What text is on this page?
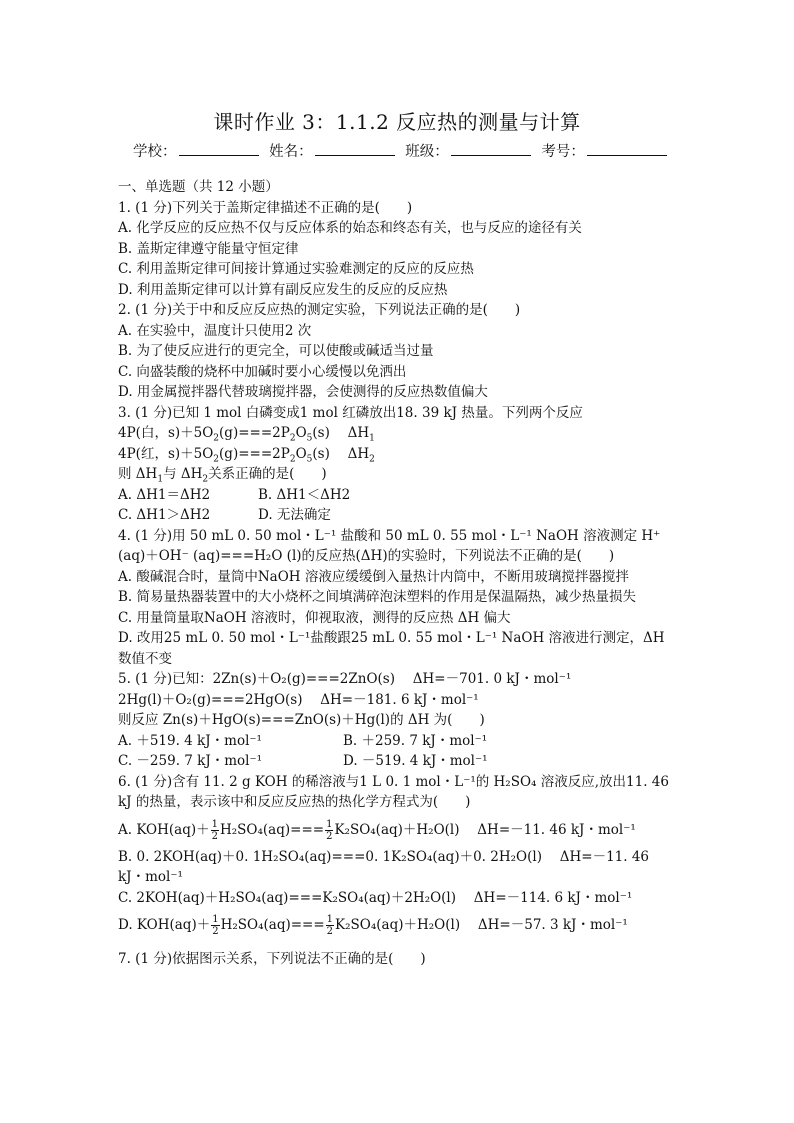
课时作业 3：1.1.2 反应热的测量与计算
学校：	姓名：	班级：	考号：
一、单选题（共 12 小题）
1. (1 分)下列关于盖斯定律描述不正确的是(　　)
A. 化学反应的反应热不仅与反应体系的始态和终态有关，也与反应的途径有关
B. 盖斯定律遵守能量守恒定律
C. 利用盖斯定律可间接计算通过实验难测定的反应的反应热
D. 利用盖斯定律可以计算有副反应发生的反应的反应热
2. (1 分)关于中和反应反应热的测定实验，下列说法正确的是(　　)
A. 在实验中，温度计只使用2 次
B. 为了使反应进行的更完全，可以使酸或碱适当过量
C. 向盛装酸的烧杯中加碱时要小心缓慢以免洒出
D. 用金属搅拌器代替玻璃搅拌器，会使测得的反应热数值偏大
3. (1 分)已知 1 mol 白磷变成1 mol 红磷放出18. 39 kJ 热量。下列两个反应
4P(白，$s)+5O_2(g)===2P_2O_5(s)$　 $\Delta H_1$
4P(红，$s)+5O_2(g)===2P_2O_5(s)$　 $\Delta H_2$
则 $\Delta H_1$与 $\Delta H_2$关系正确的是(　　)
A. ΔH1＝ΔH2	B. ΔH1＜ΔH2
C. ΔH1＞ΔH2	D. 无法确定
4. (1 分)用 50 mL 0. 50 mol・L⁻¹ 盐酸和 50 mL 0. 55 mol・L⁻¹ NaOH 溶液测定 H⁺ (aq)＋OH⁻ (aq)===H₂O (l)的反应热(ΔH)的实验时，下列说法不正确的是(　　)
A. 酸碱混合时，量筒中NaOH 溶液应缓缓倒入量热计内筒中，不断用玻璃搅拌器搅拌
B. 简易量热器装置中的大小烧杯之间填满碎泡沫塑料的作用是保温隔热，减少热量损失
C. 用量筒量取NaOH 溶液时，仰视取液，测得的反应热 ΔH 偏大
D. 改用25 mL 0. 50 mol・L⁻¹盐酸跟25 mL 0. 55 mol・L⁻¹ NaOH 溶液进行测定，ΔH 数值不变
5. (1 分)已知：2Zn(s)＋O₂(g)===2ZnO(s)　 ΔH=－701. 0 kJ・mol⁻¹
2Hg(l)＋O₂(g)===2HgO(s)　 ΔH=－181. 6 kJ・mol⁻¹
则反应 Zn(s)＋HgO(s)===ZnO(s)＋Hg(l)的 ΔH 为(　　)
A. ＋519. 4 kJ・mol⁻¹	B. ＋259. 7 kJ・mol⁻¹
C. －259. 7 kJ・mol⁻¹	D. －519. 4 kJ・mol⁻¹
6. (1 分)含有 11. 2 g KOH 的稀溶液与1 L 0. 1 mol・L⁻¹的 H₂SO₄ 溶液反应,放出11. 46 kJ 的热量，表示该中和反应反应热的热化学方程式为(　　)
A. $KOH(aq)+ \frac{1}{2} H_2SO_4(aq)=== \frac{1}{2} K_2SO_4(aq)+H_2O(l)$　 ΔH=－11. 46 kJ・mol⁻¹
B. 0. 2KOH(aq)＋0. 1H₂SO₄(aq)===0. 1K₂SO₄(aq)＋0. 2H₂O(l)　 ΔH=－11. 46 kJ・mol⁻¹
C. 2KOH(aq)＋H₂SO₄(aq)===K₂SO₄(aq)＋2H₂O(l)　 ΔH=－114. 6 kJ・mol⁻¹
D. $KOH(aq)+ \frac{1}{2} H_2SO_4(aq)=== \frac{1}{2} K_2SO_4(aq)+H_2O(l)$　 ΔH=－57. 3 kJ・mol⁻¹
7. (1 分)依据图示关系，下列说法不正确的是(　　)
